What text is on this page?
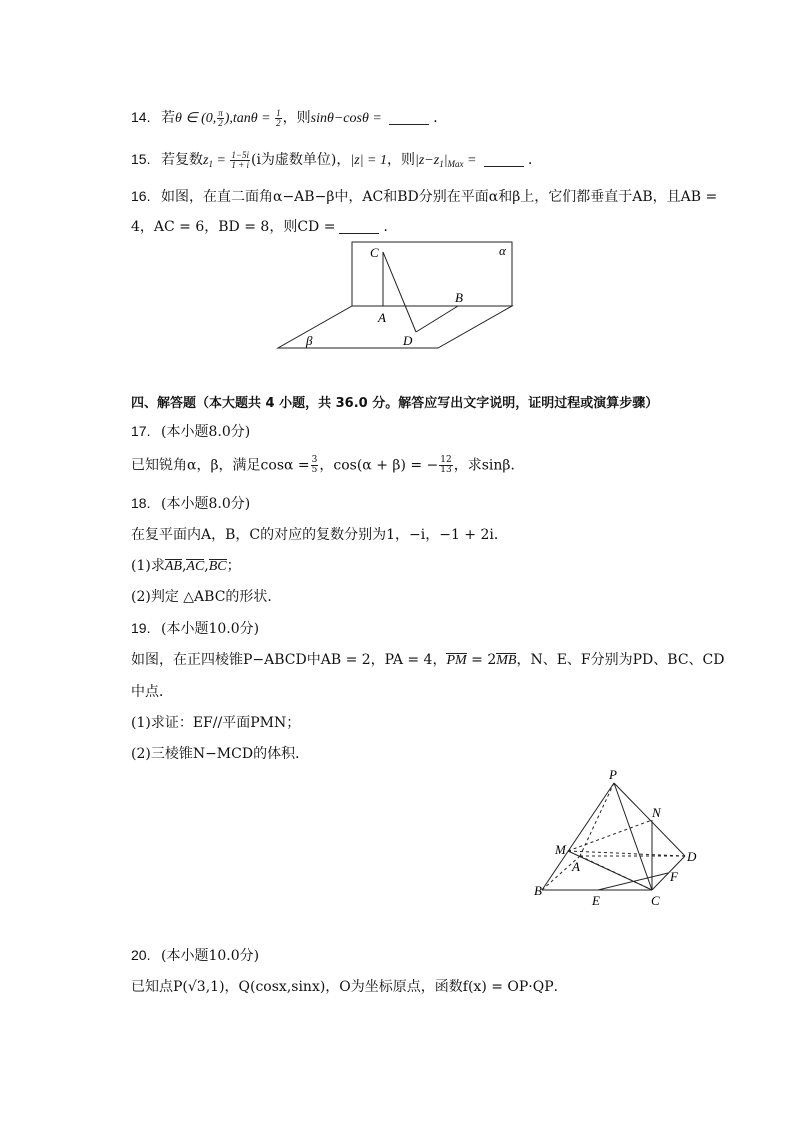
14. 若θ ∈ (0, $\frac{\pi}{2} ),\tan\theta = \frac{1}{2}$ ，则sinθ−cosθ =	．
15. 若复数$z_1 = \frac{1-5i}{1 + i} (i$为虚数单位)，|z| = 1，则$|z-z_1|_{Max}$ =	．
16. 如图，在直二面角α−AB−β中，AC和BD分别在平面α和β上，它们都垂直于AB，且AB =
4，AC = 6，BD = 8，则CD =	．
C	α
B
A
D
β
四、解答题（本大题共 4 小题，共 36.0 分。解答应写出文字说明，证明过程或演算步骤）
17. (本小题8.0分)
已知锐角α，β，满足$\cos\alpha = \frac{3}{5}$ ，cos(α + β) = − $\frac{12}{13}$ ，求sinβ．
18. (本小题8.0分)
在复平面内A，B，C的对应的复数分别为1，−i，−1 + 2i．
(1)求AB,AC,BC；
(2)判定 △ABC的形状．
19. (本小题10.0分)
如图，在正四棱锥P−ABCD中AB = 2，PA = 4，PM = 2MB，N、E、F分别为PD、BC、CD
中点．
(1)求证：EF//平面PMN；
(2)三棱锥N−MCD的体积．
P
N
M
A
D
F
B
E	C
20. (本小题10.0分)
已知点P(√3,1)，Q(cosx,sinx)，O为坐标原点，函数f(x) = OP·QP．
